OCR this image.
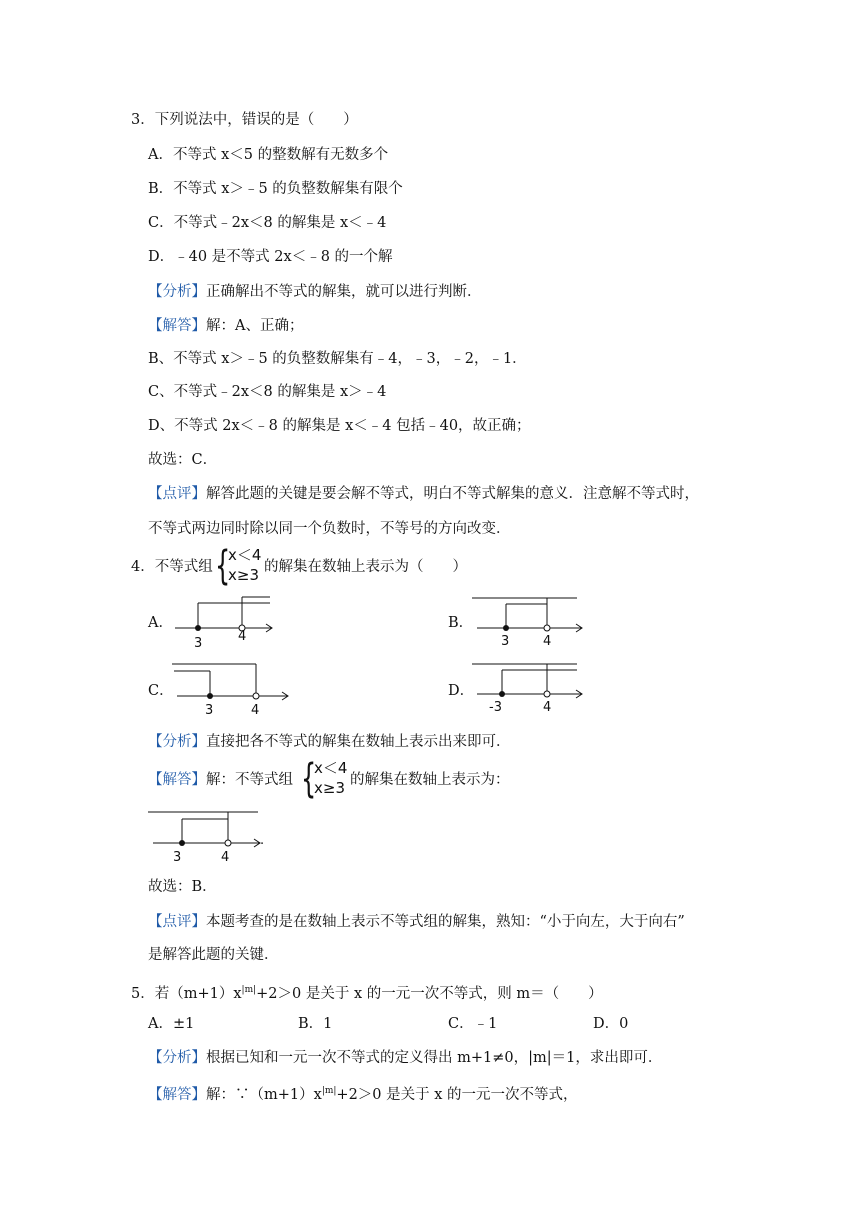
3．下列说法中，错误的是（　　）
A．不等式 x＜5 的整数解有无数多个
B．不等式 x＞﹣5 的负整数解集有限个
C．不等式﹣2x＜8 的解集是 x＜﹣4
D．﹣40 是不等式 2x＜﹣8 的一个解
【分析】正确解出不等式的解集，就可以进行判断．
【解答】解：A、正确；
B、不等式 x＞﹣5 的负整数解集有﹣4，﹣3，﹣2，﹣1．
C、不等式﹣2x＜8 的解集是 x＞﹣4
D、不等式 2x＜﹣8 的解集是 x＜﹣4 包括﹣40，故正确；
故选：C．
【点评】解答此题的关键是要会解不等式，明白不等式解集的意义．注意解不等式时，
不等式两边同时除以同一个负数时，不等号的方向改变．
4．不等式组 {
x＜4
x≥3 的解集在数轴上表示为（　　）
A．
3	4
B．
3	4
C．
3	4
D．
-3	4
【分析】直接把各不等式的解集在数轴上表示出来即可．
【解答】解：不等式组 {
x＜4
x≥3 的解集在数轴上表示为：
3	4
.
故选：B．
【点评】本题考查的是在数轴上表示不等式组的解集，熟知：“小于向左，大于向右”
是解答此题的关键．
5．若$(m+1)x^{|m|}+2>0$ 是关于 x 的一元一次不等式，则 m＝（　　）
A．±1	B．1	C．﹣1	D．0
【分析】根据已知和一元一次不等式的定义得出 m+1≠0，|m|＝1，求出即可．
【解答】解：$\because(m+1)x^{|m|}+2>0$ 是关于 x 的一元一次不等式，
